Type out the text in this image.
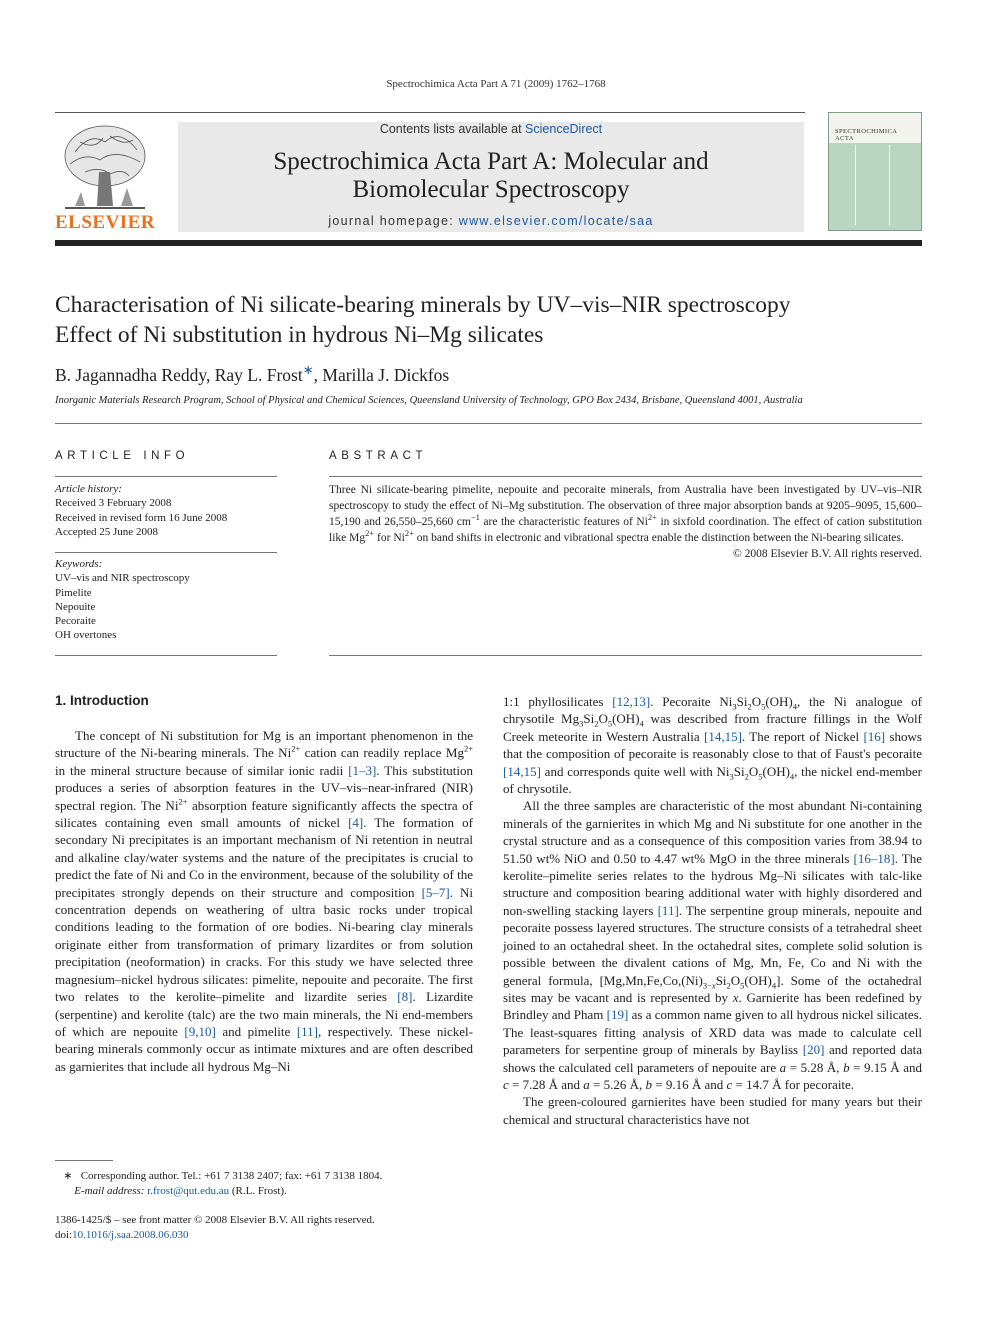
Spectrochimica Acta Part A 71 (2009) 1762–1768
ELSEVIER
Contents lists available at ScienceDirect
Spectrochimica Acta Part A: Molecular and
Biomolecular Spectroscopy
journal homepage: www.elsevier.com/locate/saa
SPECTROCHIMICA
ACTA
Characterisation of Ni silicate-bearing minerals by UV–vis–NIR spectroscopy
Effect of Ni substitution in hydrous Ni–Mg silicates
B. Jagannadha Reddy, Ray L. Frost∗, Marilla J. Dickfos
Inorganic Materials Research Program, School of Physical and Chemical Sciences, Queensland University of Technology, GPO Box 2434, Brisbane, Queensland 4001, Australia
ARTICLE INFO
Article history:
Received 3 February 2008
Received in revised form 16 June 2008
Accepted 25 June 2008
Keywords:
UV–vis and NIR spectroscopy
Pimelite
Nepouite
Pecoraite
OH overtones
ABSTRACT
Three Ni silicate-bearing pimelite, nepouite and pecoraite minerals, from Australia have been investigated by UV–vis–NIR spectroscopy to study the effect of Ni–Mg substitution. The observation of three major absorption bands at 9205–9095, 15,600–15,190 and 26,550–25,660 $cm^{-1}$ are the characteristic features of $Ni^{2+}$ in sixfold coordination. The effect of cation substitution like $Mg^{2+}$ for $Ni^{2+}$ on band shifts in electronic and vibrational spectra enable the distinction between the Ni-bearing silicates.
© 2008 Elsevier B.V. All rights reserved.
1. Introduction

The concept of Ni substitution for Mg is an important phenomenon in the structure of the Ni-bearing minerals. The $Ni^{2+}$ cation can readily replace $Mg^{2+}$ in the mineral structure because of similar ionic radii [1–3]. This substitution produces a series of absorption features in the UV–vis–near-infrared (NIR) spectral region. The $Ni^{2+}$ absorption feature significantly affects the spectra of silicates containing even small amounts of nickel [4]. The formation of secondary Ni precipitates is an important mechanism of Ni retention in neutral and alkaline clay/water systems and the nature of the precipitates is crucial to predict the fate of Ni and Co in the environment, because of the solubility of the precipitates strongly depends on their structure and composition [5–7]. Ni concentration depends on weathering of ultra basic rocks under tropical conditions leading to the formation of ore bodies. Ni-bearing clay minerals originate either from transformation of primary lizardites or from solution precipitation (neoformation) in cracks. For this study we have selected three magnesium–nickel hydrous silicates: pimelite, nepouite and pecoraite. The first two relates to the kerolite–pimelite and lizardite series [8]. Lizardite (serpentine) and kerolite (talc) are the two main minerals, the Ni end-members of which are nepouite [9,10] and pimelite [11], respectively. These nickel-bearing minerals commonly occur as intimate mixtures and are often described as garnierites that include all hydrous Mg–Ni

1:1 phyllosilicates [12,13]. Pecoraite $Ni_3Si_2O_5(OH)_4$, the Ni analogue of chrysotile $Mg_3Si_2O_5(OH)_4$ was described from fracture fillings in the Wolf Creek meteorite in Western Australia [14,15]. The report of Nickel [16] shows that the composition of pecoraite is reasonably close to that of Faust's pecoraite [14,15] and corresponds quite well with $Ni_3Si_2O_5(OH)_4$, the nickel end-member of chrysotile.

All the three samples are characteristic of the most abundant Ni-containing minerals of the garnierites in which Mg and Ni substitute for one another in the crystal structure and as a consequence of this composition varies from 38.94 to 51.50 wt% NiO and 0.50 to 4.47 wt% MgO in the three minerals [16–18]. The kerolite–pimelite series relates to the hydrous Mg–Ni silicates with talc-like structure and composition bearing additional water with highly disordered and non-swelling stacking layers [11]. The serpentine group minerals, nepouite and pecoraite possess layered structures. The structure consists of a tetrahedral sheet joined to an octahedral sheet. In the octahedral sites, complete solid solution is possible between the divalent cations of Mg, Mn, Fe, Co and Ni with the general formula, $[Mg,Mn,Fe,Co,(Ni)_{3-x}Si_2O_5(OH)_4]$. Some of the octahedral sites may be vacant and is represented by x. Garnierite has been redefined by Brindley and Pham [19] as a common name given to all hydrous nickel silicates. The least-squares fitting analysis of XRD data was made to calculate cell parameters for serpentine group of minerals by Bayliss [20] and reported data shows the calculated cell parameters of nepouite are a = 5.28 Å, b = 9.15 Å and c = 7.28 Å and a = 5.26 Å, b = 9.16 Å and c = 14.7 Å for pecoraite.

The green-coloured garnierites have been studied for many years but their chemical and structural characteristics have not

∗ Corresponding author. Tel.: +61 7 3138 2407; fax: +61 7 3138 1804.
E-mail address: r.frost@qut.edu.au (R.L. Frost).
1386-1425/$ – see front matter © 2008 Elsevier B.V. All rights reserved.
doi:10.1016/j.saa.2008.06.030
